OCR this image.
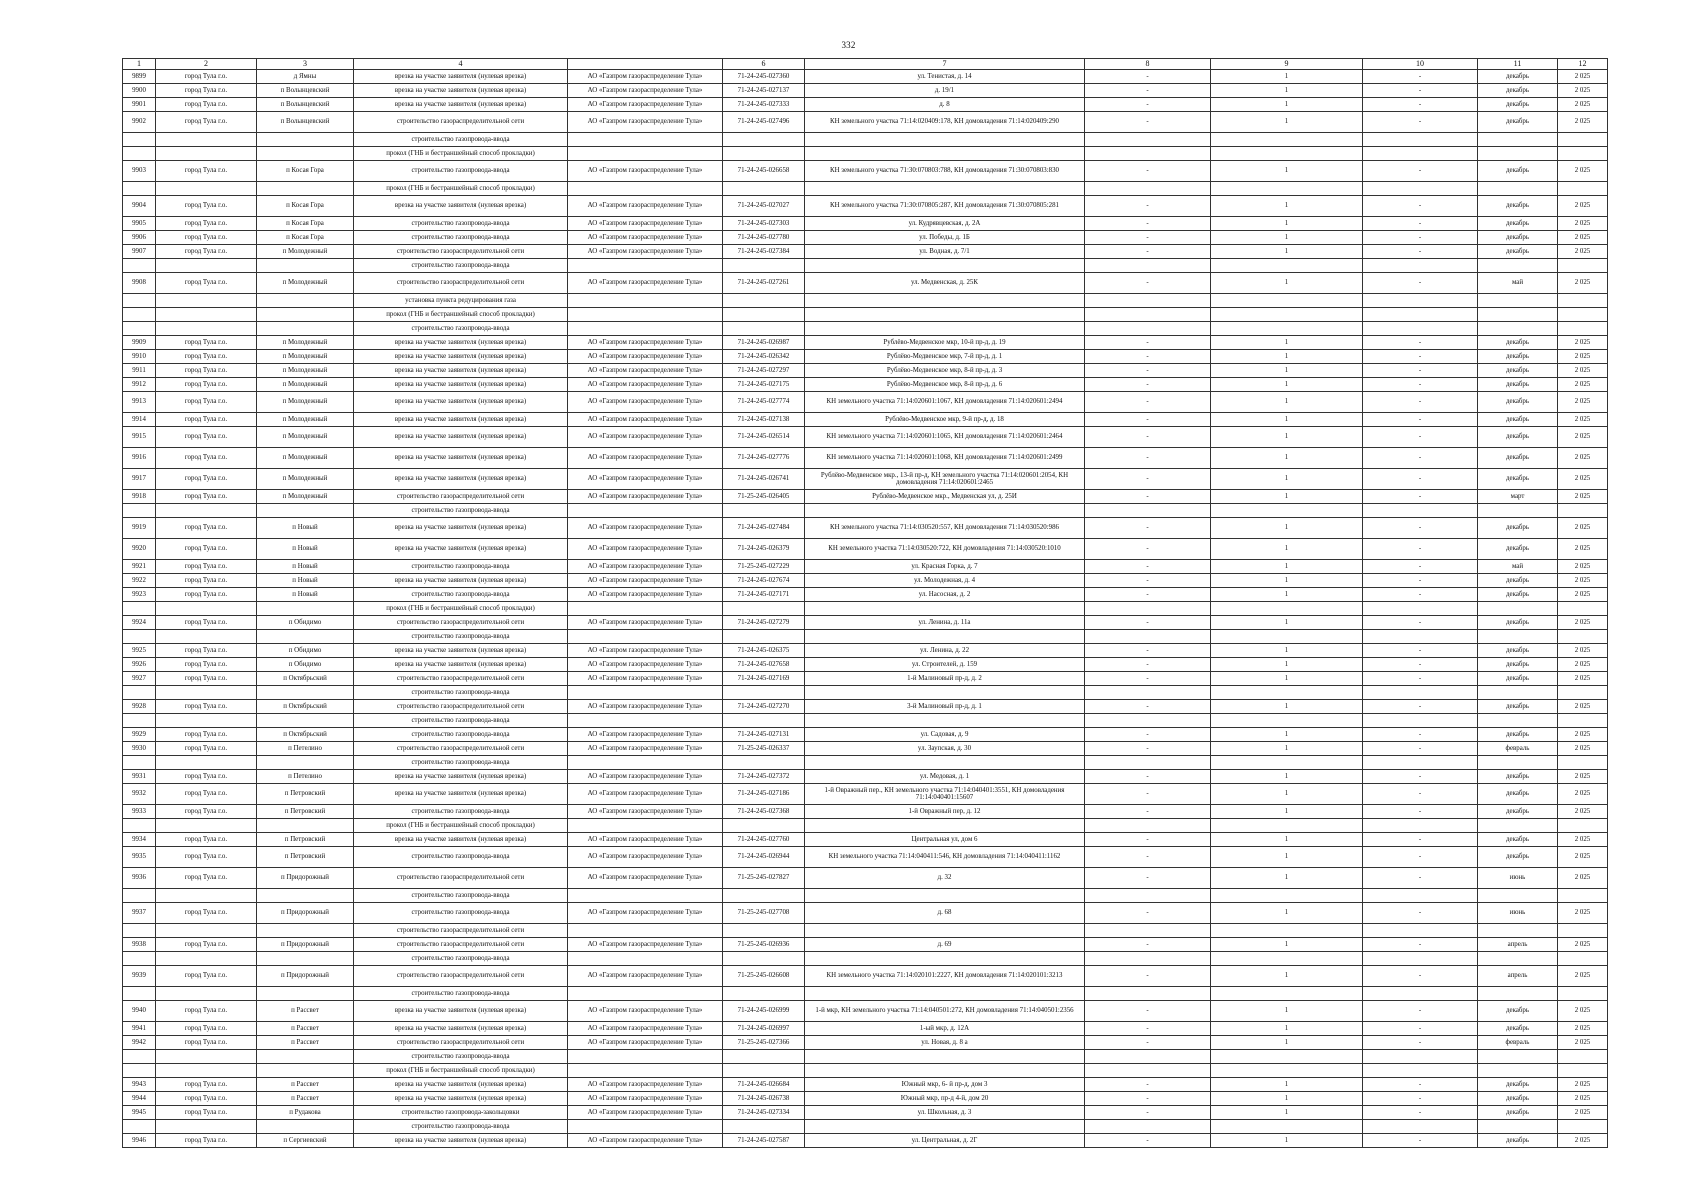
332
1	2	3	4		6	7	8	9	10	11	12
9899	город Тула г.о.	д Ямны	врезка на участке заявителя (нулевая врезка)	АО «Газпром газораспределение Тула»	71-24-245-027360	ул. Тенистая, д. 14	-	1	-	декабрь	2 025
9900	город Тула г.о.	п Волынцевский	врезка на участке заявителя (нулевая врезка)	АО «Газпром газораспределение Тула»	71-24-245-027137	д. 19/1	-	1	-	декабрь	2 025
9901	город Тула г.о.	п Волынцевский	врезка на участке заявителя (нулевая врезка)	АО «Газпром газораспределение Тула»	71-24-245-027333	д. 8	-	1	-	декабрь	2 025
9902	город Тула г.о.	п Волынцевский	строительство газораспределительной сети	АО «Газпром газораспределение Тула»	71-24-245-027496	КН земельного участка 71:14:020409:178, КН домовладения 71:14:020409:290	-	1	-	декабрь	2 025
			строительство газопровода-ввода								
			прокол (ГНБ и бестраншейный способ прокладки)								
9903	город Тула г.о.	п Косая Гора	строительство газопровода-ввода	АО «Газпром газораспределение Тула»	71-24-245-026658	КН земельного участка 71:30:070803:788, КН домовладения 71:30:070803:830	-	1	-	декабрь	2 025
			прокол (ГНБ и бестраншейный способ прокладки)								
9904	город Тула г.о.	п Косая Гора	врезка на участке заявителя (нулевая врезка)	АО «Газпром газораспределение Тула»	71-24-245-027027	КН земельного участка 71:30:070805:287, КН домовладения 71:30:070805:281	-	1	-	декабрь	2 025
9905	город Тула г.о.	п Косая Гора	строительство газопровода-ввода	АО «Газпром газораспределение Тула»	71-24-245-027303	ул. Кудрявцевская, д. 2А	-	1	-	декабрь	2 025
9906	город Тула г.о.	п Косая Гора	строительство газопровода-ввода	АО «Газпром газораспределение Тула»	71-24-245-027780	ул. Победы, д. 1Б	-	1	-	декабрь	2 025
9907	город Тула г.о.	п Молодежный	строительство газораспределительной сети	АО «Газпром газораспределение Тула»	71-24-245-027384	ул. Водная, д. 7/1	-	1	-	декабрь	2 025
			строительство газопровода-ввода								
9908	город Тула г.о.	п Молодежный	строительство газораспределительной сети	АО «Газпром газораспределение Тула»	71-24-245-027261	ул. Медвенская, д. 25К	-	1	-	май	2 025
			установка пункта редуцирования газа								
			прокол (ГНБ и бестраншейный способ прокладки)								
			строительство газопровода-ввода								
9909	город Тула г.о.	п Молодежный	врезка на участке заявителя (нулевая врезка)	АО «Газпром газораспределение Тула»	71-24-245-026987	Рублёво-Медвенское мкр, 10-й пр-д, д. 19	-	1	-	декабрь	2 025
9910	город Тула г.о.	п Молодежный	врезка на участке заявителя (нулевая врезка)	АО «Газпром газораспределение Тула»	71-24-245-026342	Рублёво-Медвенское мкр, 7-й пр-д, д. 1	-	1	-	декабрь	2 025
9911	город Тула г.о.	п Молодежный	врезка на участке заявителя (нулевая врезка)	АО «Газпром газораспределение Тула»	71-24-245-027297	Рублёво-Медвенское мкр, 8-й пр-д, д. 3	-	1	-	декабрь	2 025
9912	город Тула г.о.	п Молодежный	врезка на участке заявителя (нулевая врезка)	АО «Газпром газораспределение Тула»	71-24-245-027175	Рублёво-Медвенское мкр, 8-й пр-д, д. 6	-	1	-	декабрь	2 025
9913	город Тула г.о.	п Молодежный	врезка на участке заявителя (нулевая врезка)	АО «Газпром газораспределение Тула»	71-24-245-027774	КН земельного участка 71:14:020601:1067, КН домовладения 71:14:020601:2494	-	1	-	декабрь	2 025
9914	город Тула г.о.	п Молодежный	врезка на участке заявителя (нулевая врезка)	АО «Газпром газораспределение Тула»	71-24-245-027138	Рублёво-Медвенское мкр, 9-й пр-д, д. 18	-	1	-	декабрь	2 025
9915	город Тула г.о.	п Молодежный	врезка на участке заявителя (нулевая врезка)	АО «Газпром газораспределение Тула»	71-24-245-026514	КН земельного участка 71:14:020601:1065, КН домовладения 71:14:020601:2464	-	1	-	декабрь	2 025
9916	город Тула г.о.	п Молодежный	врезка на участке заявителя (нулевая врезка)	АО «Газпром газораспределение Тула»	71-24-245-027776	КН земельного участка 71:14:020601:1068, КН домовладения 71:14:020601:2499	-	1	-	декабрь	2 025
9917	город Тула г.о.	п Молодежный	врезка на участке заявителя (нулевая врезка)	АО «Газпром газораспределение Тула»	71-24-245-026741	Рублёво-Медвенское мкр., 13-й пр-д, КН земельного участка 71:14:020601:2054, КН домовладения 71:14:020601:2465	-	1	-	декабрь	2 025
9918	город Тула г.о.	п Молодежный	строительство газораспределительной сети	АО «Газпром газораспределение Тула»	71-25-245-026405	Рублёво-Медвенское мкр., Медвенская ул, д. 25И	-	1	-	март	2 025
			строительство газопровода-ввода								
9919	город Тула г.о.	п Новый	врезка на участке заявителя (нулевая врезка)	АО «Газпром газораспределение Тула»	71-24-245-027484	КН земельного участка 71:14:030520:557, КН домовладения 71:14:030520:986	-	1	-	декабрь	2 025
9920	город Тула г.о.	п Новый	врезка на участке заявителя (нулевая врезка)	АО «Газпром газораспределение Тула»	71-24-245-026379	КН земельного участка 71:14:030520:722, КН домовладения 71:14:030520:1010	-	1	-	декабрь	2 025
9921	город Тула г.о.	п Новый	строительство газопровода-ввода	АО «Газпром газораспределение Тула»	71-25-245-027229	ул. Красная Горка, д. 7	-	1	-	май	2 025
9922	город Тула г.о.	п Новый	врезка на участке заявителя (нулевая врезка)	АО «Газпром газораспределение Тула»	71-24-245-027674	ул. Молодежная, д. 4	-	1	-	декабрь	2 025
9923	город Тула г.о.	п Новый	строительство газопровода-ввода	АО «Газпром газораспределение Тула»	71-24-245-027171	ул. Насосная, д. 2	-	1	-	декабрь	2 025
			прокол (ГНБ и бестраншейный способ прокладки)								
9924	город Тула г.о.	п Обидимо	строительство газораспределительной сети	АО «Газпром газораспределение Тула»	71-24-245-027279	ул. Ленина, д. 11а	-	1	-	декабрь	2 025
			строительство газопровода-ввода								
9925	город Тула г.о.	п Обидимо	врезка на участке заявителя (нулевая врезка)	АО «Газпром газораспределение Тула»	71-24-245-026375	ул. Ленина, д. 22	-	1	-	декабрь	2 025
9926	город Тула г.о.	п Обидимо	врезка на участке заявителя (нулевая врезка)	АО «Газпром газораспределение Тула»	71-24-245-027658	ул. Строителей, д. 159	-	1	-	декабрь	2 025
9927	город Тула г.о.	п Октябрьский	строительство газораспределительной сети	АО «Газпром газораспределение Тула»	71-24-245-027169	1-й Малиновый пр-д, д. 2	-	1	-	декабрь	2 025
			строительство газопровода-ввода								
9928	город Тула г.о.	п Октябрьский	строительство газораспределительной сети	АО «Газпром газораспределение Тула»	71-24-245-027270	3-й Малиновый пр-д, д. 1	-	1	-	декабрь	2 025
			строительство газопровода-ввода								
9929	город Тула г.о.	п Октябрьский	строительство газопровода-ввода	АО «Газпром газораспределение Тула»	71-24-245-027131	ул. Садовая, д. 9	-	1	-	декабрь	2 025
9930	город Тула г.о.	п Петелино	строительство газораспределительной сети	АО «Газпром газораспределение Тула»	71-25-245-026337	ул. Заупская, д. 30	-	1	-	февраль	2 025
			строительство газопровода-ввода								
9931	город Тула г.о.	п Петелино	врезка на участке заявителя (нулевая врезка)	АО «Газпром газораспределение Тула»	71-24-245-027372	ул. Медовая, д. 1	-	1	-	декабрь	2 025
9932	город Тула г.о.	п Петровский	врезка на участке заявителя (нулевая врезка)	АО «Газпром газораспределение Тула»	71-24-245-027186	1-й Овражный пер., КН земельного участка 71:14:040401:3551, КН домовладения 71:14:040401:15607	-	1	-	декабрь	2 025
9933	город Тула г.о.	п Петровский	строительство газопровода-ввода	АО «Газпром газораспределение Тула»	71-24-245-027368	1-й Овражный пер, д. 12	-	1	-	декабрь	2 025
			прокол (ГНБ и бестраншейный способ прокладки)								
9934	город Тула г.о.	п Петровский	врезка на участке заявителя (нулевая врезка)	АО «Газпром газораспределение Тула»	71-24-245-027760	Центральная ул, дом 6	-	1	-	декабрь	2 025
9935	город Тула г.о.	п Петровский	строительство газопровода-ввода	АО «Газпром газораспределение Тула»	71-24-245-026944	КН земельного участка 71:14:040411:546, КН домовладения 71:14:040411:1162	-	1	-	декабрь	2 025
9936	город Тула г.о.	п Придорожный	строительство газораспределительной сети	АО «Газпром газораспределение Тула»	71-25-245-027827	д. 32	-	1	-	июнь	2 025
			строительство газопровода-ввода								
9937	город Тула г.о.	п Придорожный	строительство газопровода-ввода	АО «Газпром газораспределение Тула»	71-25-245-027708	д. 68	-	1	-	июнь	2 025
			строительство газораспределительной сети								
9938	город Тула г.о.	п Придорожный	строительство газораспределительной сети	АО «Газпром газораспределение Тула»	71-25-245-026936	д. 69	-	1	-	апрель	2 025
			строительство газопровода-ввода								
9939	город Тула г.о.	п Придорожный	строительство газораспределительной сети	АО «Газпром газораспределение Тула»	71-25-245-026608	КН земельного участка 71:14:020101:2227, КН домовладения 71:14:020101:3213	-	1	-	апрель	2 025
			строительство газопровода-ввода								
9940	город Тула г.о.	п Рассвет	врезка на участке заявителя (нулевая врезка)	АО «Газпром газораспределение Тула»	71-24-245-026999	1-й мкр, КН земельного участка 71:14:040501:272, КН домовладения 71:14:040501:2356	-	1	-	декабрь	2 025
9941	город Тула г.о.	п Рассвет	врезка на участке заявителя (нулевая врезка)	АО «Газпром газораспределение Тула»	71-24-245-026997	1-ый мкр, д. 12А	-	1	-	декабрь	2 025
9942	город Тула г.о.	п Рассвет	строительство газораспределительной сети	АО «Газпром газораспределение Тула»	71-25-245-027366	ул. Новая, д. 8 а	-	1	-	февраль	2 025
			строительство газопровода-ввода								
			прокол (ГНБ и бестраншейный способ прокладки)								
9943	город Тула г.о.	п Рассвет	врезка на участке заявителя (нулевая врезка)	АО «Газпром газораспределение Тула»	71-24-245-026684	Южный мкр, 6- й пр-д, дом 3	-	1	-	декабрь	2 025
9944	город Тула г.о.	п Рассвет	врезка на участке заявителя (нулевая врезка)	АО «Газпром газораспределение Тула»	71-24-245-026738	Южный мкр, пр-д 4-й, дом 20	-	1	-	декабрь	2 025
9945	город Тула г.о.	п Рудакова	строительство газопровода-закольцовки	АО «Газпром газораспределение Тула»	71-24-245-027334	ул. Школьная, д. 3	-	1	-	декабрь	2 025
			строительство газопровода-ввода								
9946	город Тула г.о.	п Сергиевский	врезка на участке заявителя (нулевая врезка)	АО «Газпром газораспределение Тула»	71-24-245-027587	ул. Центральная, д. 2Г	-	1	-	декабрь	2 025
